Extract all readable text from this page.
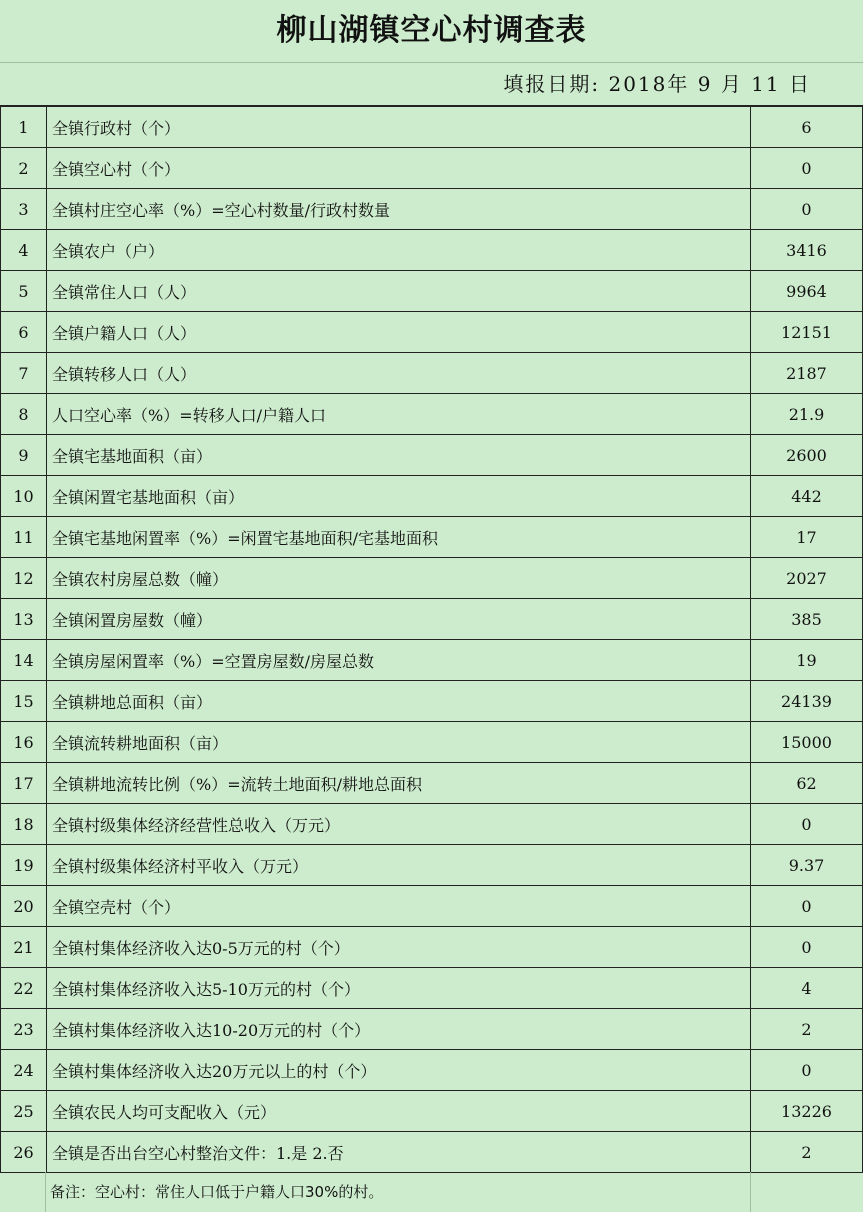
柳山湖镇空心村调查表
填报日期: 2018年 9 月 11 日
1	全镇行政村（个）	6
2	全镇空心村（个）	0
3	全镇村庄空心率（%）=空心村数量/行政村数量	0
4	全镇农户（户）	3416
5	全镇常住人口（人）	9964
6	全镇户籍人口（人）	12151
7	全镇转移人口（人）	2187
8	人口空心率（%）=转移人口/户籍人口	21.9
9	全镇宅基地面积（亩）	2600
10	全镇闲置宅基地面积（亩）	442
11	全镇宅基地闲置率（%）=闲置宅基地面积/宅基地面积	17
12	全镇农村房屋总数（幢）	2027
13	全镇闲置房屋数（幢）	385
14	全镇房屋闲置率（%）=空置房屋数/房屋总数	19
15	全镇耕地总面积（亩）	24139
16	全镇流转耕地面积（亩）	15000
17	全镇耕地流转比例（%）=流转土地面积/耕地总面积	62
18	全镇村级集体经济经营性总收入（万元）	0
19	全镇村级集体经济村平收入（万元）	9.37
20	全镇空壳村（个）	0
21	全镇村集体经济收入达0-5万元的村（个）	0
22	全镇村集体经济收入达5-10万元的村（个）	4
23	全镇村集体经济收入达10-20万元的村（个）	2
24	全镇村集体经济收入达20万元以上的村（个）	0
25	全镇农民人均可支配收入（元）	13226
26	全镇是否出台空心村整治文件：1.是 2.否	2
备注：空心村：常住人口低于户籍人口30%的村。
